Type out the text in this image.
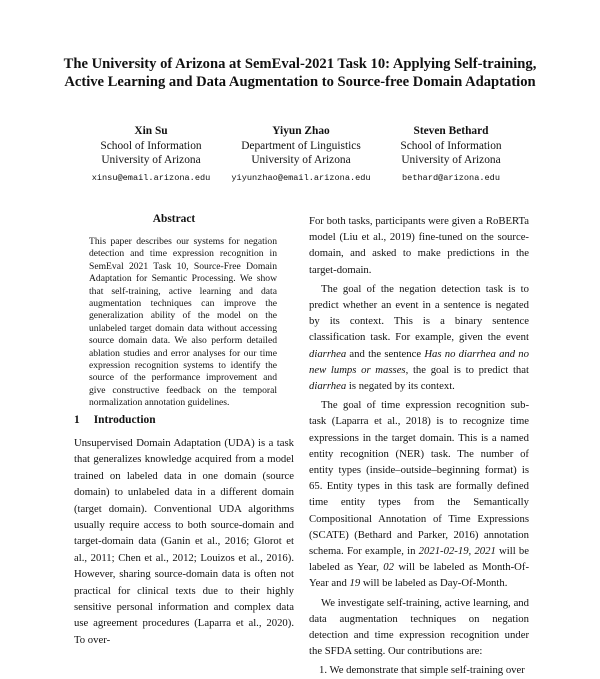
The University of Arizona at SemEval-2021 Task 10: Applying Self-training, Active Learning and Data Augmentation to Source-free Domain Adaptation
Xin Su
School of Information
University of Arizona
xinsu@email.arizona.edu
Yiyun Zhao
Department of Linguistics
University of Arizona
yiyunzhao@email.arizona.edu
Steven Bethard
School of Information
University of Arizona
bethard@arizona.edu
Abstract
This paper describes our systems for negation detection and time expression recognition in SemEval 2021 Task 10, Source-Free Domain Adaptation for Semantic Processing. We show that self-training, active learning and data augmentation techniques can improve the generalization ability of the model on the unlabeled target domain data without accessing source domain data. We also perform detailed ablation studies and error analyses for our time expression recognition systems to identify the source of the performance improvement and give constructive feedback on the temporal normalization annotation guidelines.
1 Introduction

Unsupervised Domain Adaptation (UDA) is a task that generalizes knowledge acquired from a model trained on labeled data in one domain (source domain) to unlabeled data in a different domain (target domain). Conventional UDA algorithms usually require access to both source-domain and target-domain data (Ganin et al., 2016; Glorot et al., 2011; Chen et al., 2012; Louizos et al., 2016). However, sharing source-domain data is often not practical for clinical texts due to their highly sensitive personal information and complex data use agreement procedures (Laparra et al., 2020). To over-

For both tasks, participants were given a RoBERTa model (Liu et al., 2019) fine-tuned on the source-domain, and asked to make predictions in the target-domain.

The goal of the negation detection task is to predict whether an event in a sentence is negated by its context. This is a binary sentence classification task. For example, given the event diarrhea and the sentence Has no diarrhea and no new lumps or masses, the goal is to predict that diarrhea is negated by its context.

The goal of time expression recognition sub-task (Laparra et al., 2018) is to recognize time expressions in the target domain. This is a named entity recognition (NER) task. The number of entity types (inside–outside–beginning format) is 65. Entity types in this task are formally defined time entity types from the Semantically Compositional Annotation of Time Expressions (SCATE) (Bethard and Parker, 2016) annotation schema. For example, in 2021-02-19, 2021 will be labeled as Year, 02 will be labeled as Month-Of-Year and 19 will be labeled as Day-Of-Month.

We investigate self-training, active learning, and data augmentation techniques on negation detection and time expression recognition under the SFDA setting. Our contributions are:

1. We demonstrate that simple self-training over
